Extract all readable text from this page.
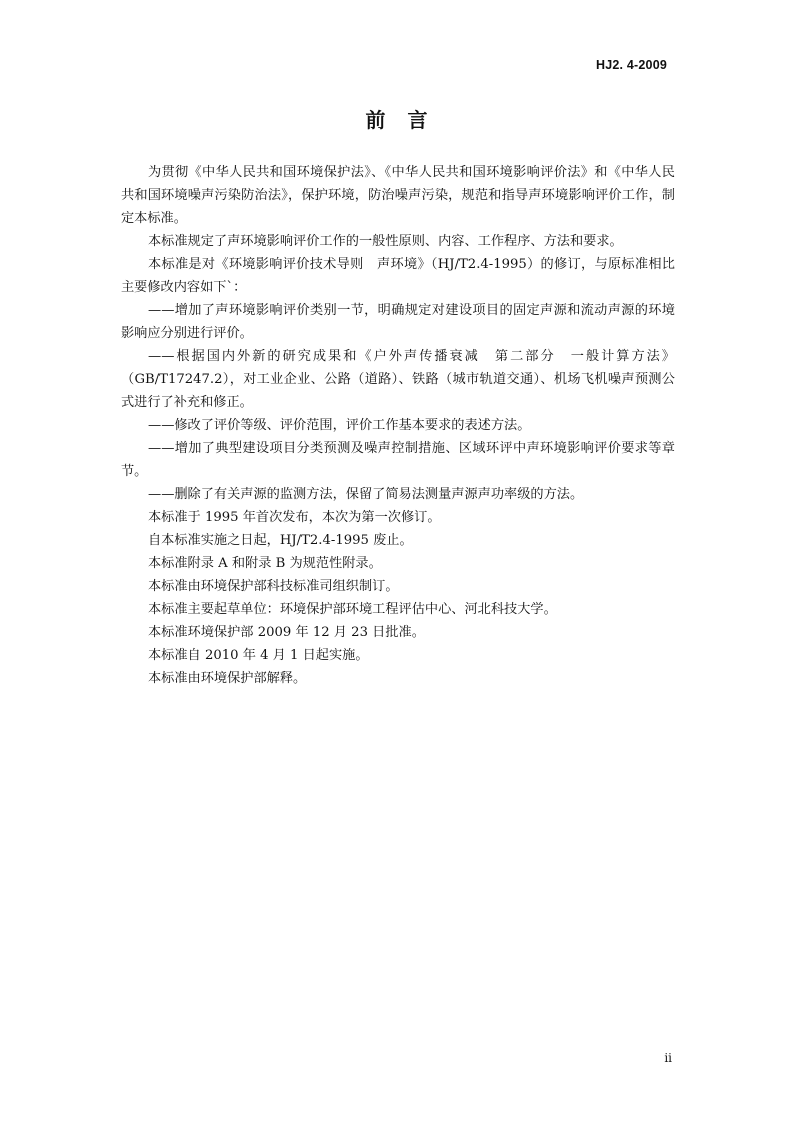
HJ2. 4-2009
前言

为贯彻《中华人民共和国环境保护法》、《中华人民共和国环境影响评价法》和《中华人民共和国环境噪声污染防治法》，保护环境，防治噪声污染，规范和指导声环境影响评价工作，制定本标准。

本标准规定了声环境影响评价工作的一般性原则、内容、工作程序、方法和要求。

本标准是对《环境影响评价技术导则　声环境》（HJ/T2.4-1995）的修订，与原标准相比主要修改内容如下`：

——增加了声环境影响评价类别一节，明确规定对建设项目的固定声源和流动声源的环境影响应分别进行评价。

——根据国内外新的研究成果和《户外声传播衰减　第二部分　一般计算方法》（GB/T17247.2），对工业企业、公路（道路）、铁路（城市轨道交通）、机场飞机噪声预测公式进行了补充和修正。

——修改了评价等级、评价范围，评价工作基本要求的表述方法。

——增加了典型建设项目分类预测及噪声控制措施、区域环评中声环境影响评价要求等章节。

——删除了有关声源的监测方法，保留了简易法测量声源声功率级的方法。

本标准于 1995 年首次发布，本次为第一次修订。

自本标准实施之日起，HJ/T2.4-1995 废止。

本标准附录 A 和附录 B 为规范性附录。

本标准由环境保护部科技标准司组织制订。

本标准主要起草单位：环境保护部环境工程评估中心、河北科技大学。

本标准环境保护部 2009 年 12 月 23 日批准。

本标准自 2010 年 4 月 1 日起实施。

本标准由环境保护部解释。

ii
